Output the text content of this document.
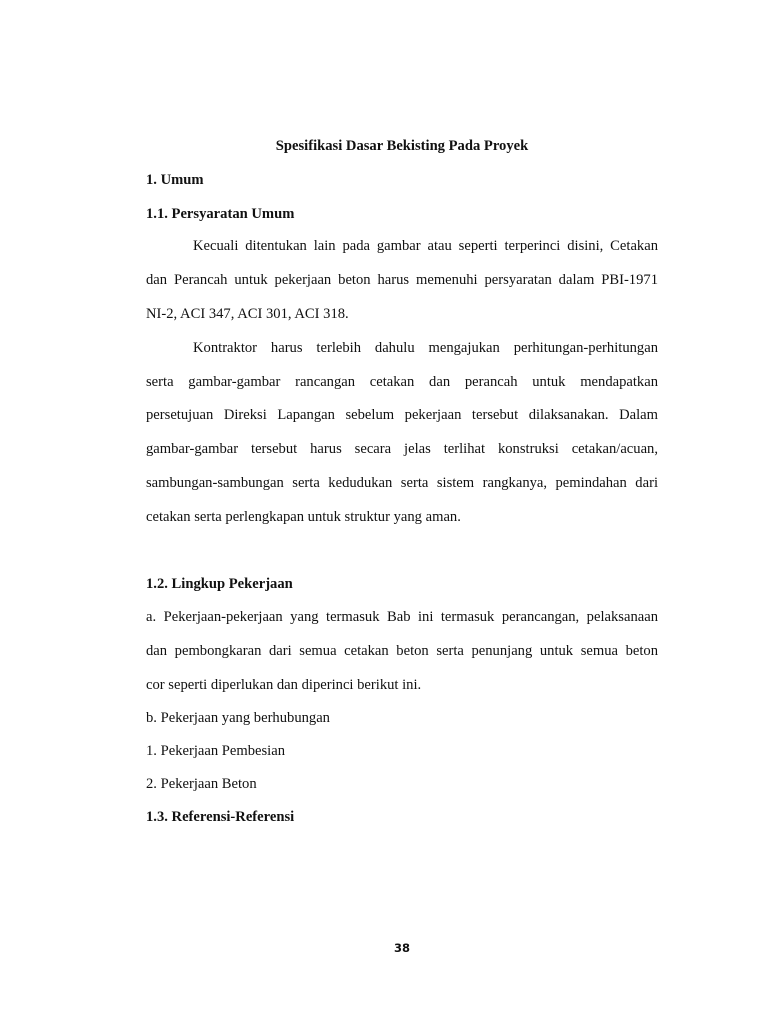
Spesifikasi Dasar Bekisting Pada Proyek
1. Umum
1.1. Persyaratan Umum
Kecuali ditentukan lain pada gambar atau seperti terperinci disini, Cetakan
dan Perancah untuk pekerjaan beton harus memenuhi persyaratan dalam PBI-1971
NI-2, ACI 347, ACI 301, ACI 318.
Kontraktor harus terlebih dahulu mengajukan perhitungan-perhitungan
serta gambar-gambar rancangan cetakan dan perancah untuk mendapatkan
persetujuan Direksi Lapangan sebelum pekerjaan tersebut dilaksanakan. Dalam
gambar-gambar tersebut harus secara jelas terlihat konstruksi cetakan/acuan,
sambungan-sambungan serta kedudukan serta sistem rangkanya, pemindahan dari
cetakan serta perlengkapan untuk struktur yang aman.
1.2. Lingkup Pekerjaan
a. Pekerjaan-pekerjaan yang termasuk Bab ini termasuk perancangan, pelaksanaan
dan pembongkaran dari semua cetakan beton serta penunjang untuk semua beton
cor seperti diperlukan dan diperinci berikut ini.
b. Pekerjaan yang berhubungan
1. Pekerjaan Pembesian
2. Pekerjaan Beton
1.3. Referensi-Referensi
38
